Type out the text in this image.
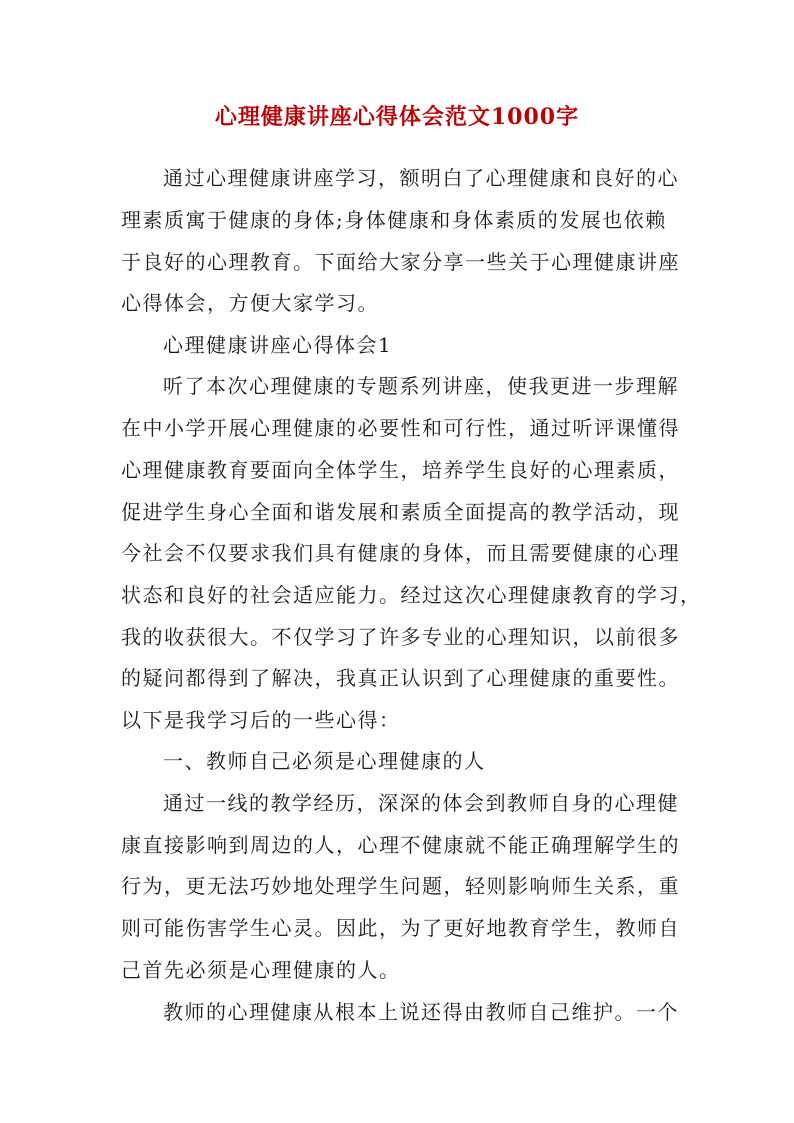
心理健康讲座心得体会范文1000字
通过心理健康讲座学习，额明白了心理健康和良好的心
理素质寓于健康的身体;身体健康和身体素质的发展也依赖
于良好的心理教育。下面给大家分享一些关于心理健康讲座
心得体会，方便大家学习。
心理健康讲座心得体会1
听了本次心理健康的专题系列讲座，使我更进一步理解
在中小学开展心理健康的必要性和可行性，通过听评课懂得
心理健康教育要面向全体学生，培养学生良好的心理素质，
促进学生身心全面和谐发展和素质全面提高的教学活动，现
今社会不仅要求我们具有健康的身体，而且需要健康的心理
状态和良好的社会适应能力。经过这次心理健康教育的学习，
我的收获很大。不仅学习了许多专业的心理知识，以前很多
的疑问都得到了解决，我真正认识到了心理健康的重要性。
以下是我学习后的一些心得：
一、教师自己必须是心理健康的人
通过一线的教学经历，深深的体会到教师自身的心理健
康直接影响到周边的人，心理不健康就不能正确理解学生的
行为，更无法巧妙地处理学生问题，轻则影响师生关系，重
则可能伤害学生心灵。因此，为了更好地教育学生，教师自
己首先必须是心理健康的人。
教师的心理健康从根本上说还得由教师自己维护。一个
